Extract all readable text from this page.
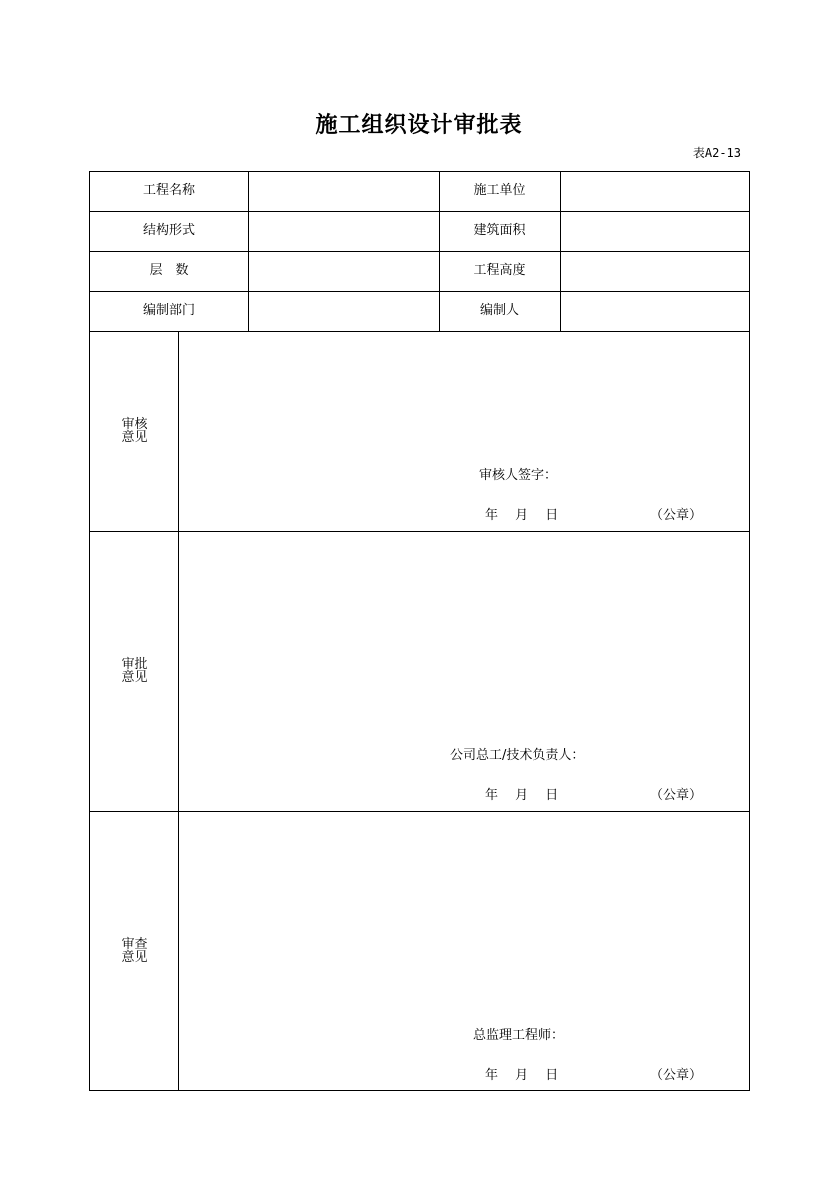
施工组织设计审批表
表A2-13
工程名称	施工单位
结构形式	建筑面积
层　数	工程高度
编制部门	编制人
审核
意见
审核人签字：
年　 月　 日	（公章）
审批
意见
公司总工/技术负责人：
年　 月　 日	（公章）
审查
意见
总监理工程师：
年　 月　 日	（公章）
